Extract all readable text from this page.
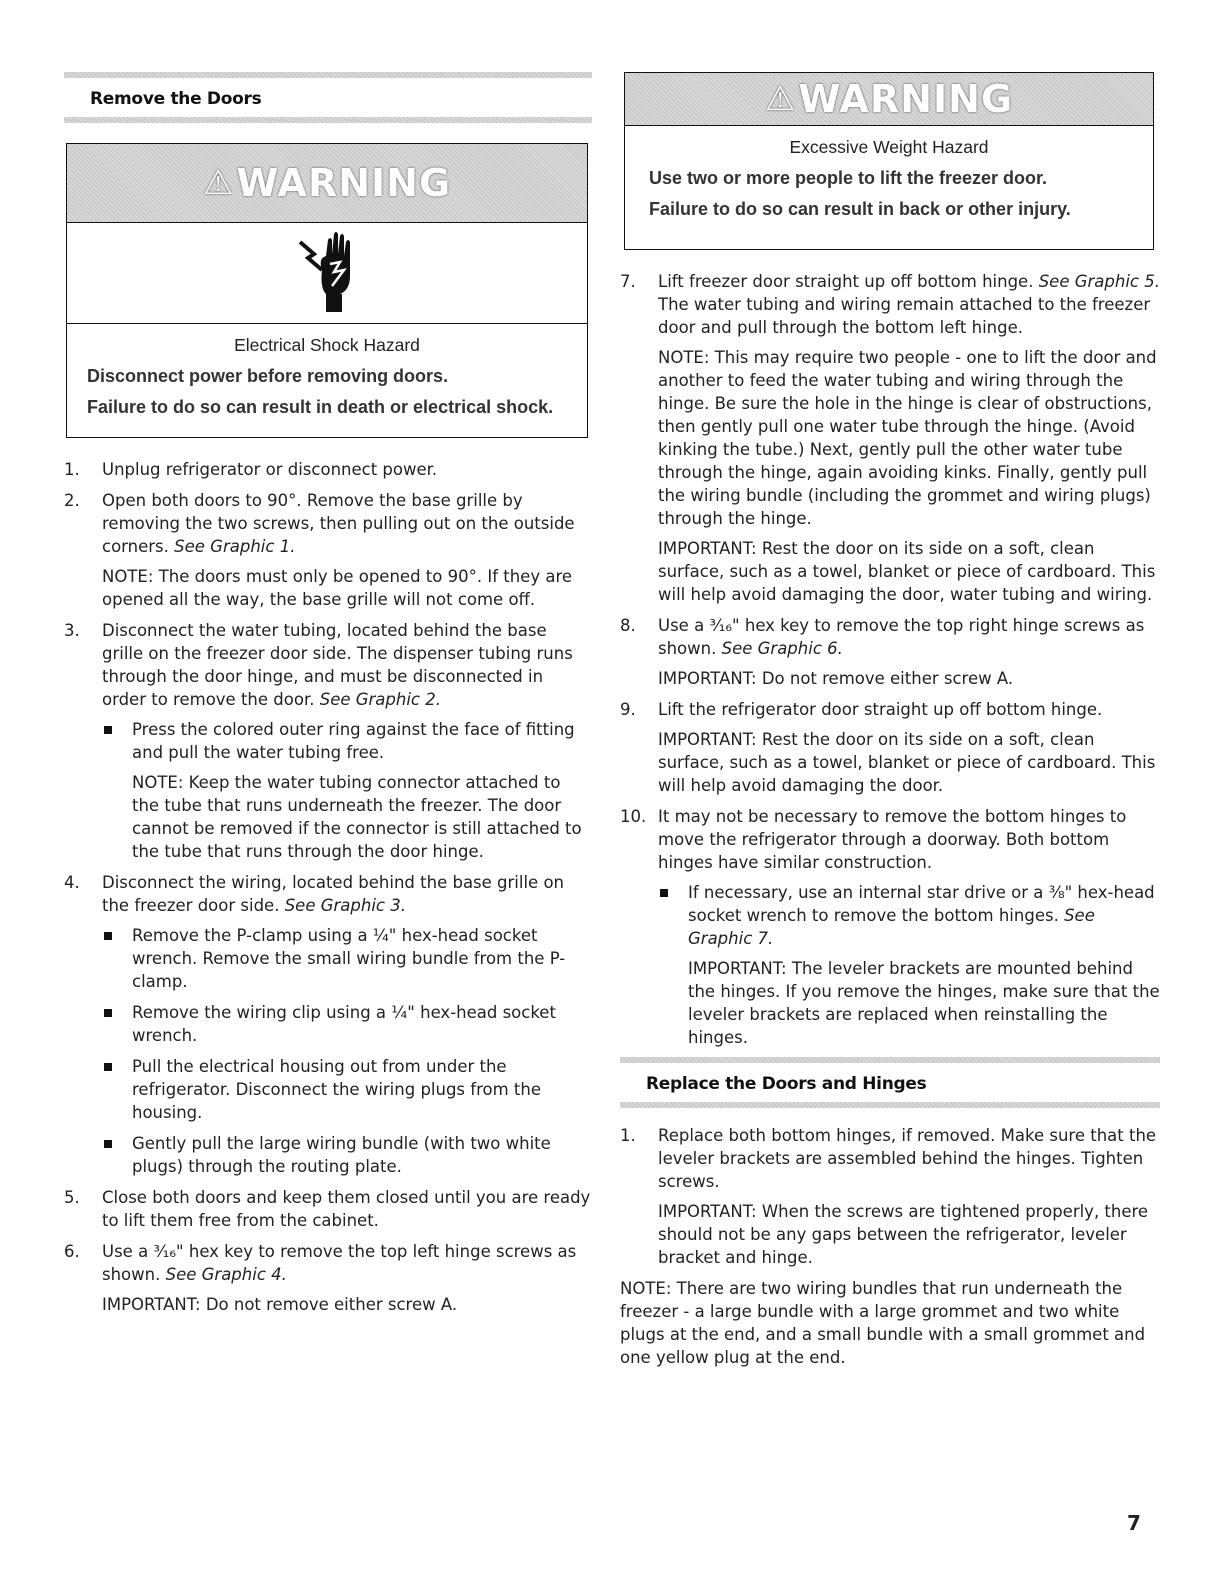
Remove the Doors
⚠ WARNING
Electrical Shock Hazard
Disconnect power before removing doors.
Failure to do so can result in death or electrical shock.
1. Unplug refrigerator or disconnect power.

2. Open both doors to 90°. Remove the base grille by removing the two screws, then pulling out on the outside corners. See Graphic 1.

NOTE: The doors must only be opened to 90°. If they are opened all the way, the base grille will not come off.

3. Disconnect the water tubing, located behind the base grille on the freezer door side. The dispenser tubing runs through the door hinge, and must be disconnected in order to remove the door. See Graphic 2.

Press the colored outer ring against the face of fitting and pull the water tubing free.

NOTE: Keep the water tubing connector attached to the tube that runs underneath the freezer. The door cannot be removed if the connector is still attached to the tube that runs through the door hinge.

4. Disconnect the wiring, located behind the base grille on the freezer door side. See Graphic 3.

Remove the P-clamp using a ¼" hex-head socket wrench. Remove the small wiring bundle from the P-clamp.
Remove the wiring clip using a ¼" hex-head socket wrench.
Pull the electrical housing out from under the refrigerator. Disconnect the wiring plugs from the housing.
Gently pull the large wiring bundle (with two white plugs) through the routing plate.
5. Close both doors and keep them closed until you are ready to lift them free from the cabinet.

6. Use a ³⁄₁₆" hex key to remove the top left hinge screws as shown. See Graphic 4.

IMPORTANT: Do not remove either screw A.

⚠ WARNING
Excessive Weight Hazard
Use two or more people to lift the freezer door.
Failure to do so can result in back or other injury.
7. Lift freezer door straight up off bottom hinge. See Graphic 5. The water tubing and wiring remain attached to the freezer door and pull through the bottom left hinge.

NOTE: This may require two people - one to lift the door and another to feed the water tubing and wiring through the hinge. Be sure the hole in the hinge is clear of obstructions, then gently pull one water tube through the hinge. (Avoid kinking the tube.) Next, gently pull the other water tube through the hinge, again avoiding kinks. Finally, gently pull the wiring bundle (including the grommet and wiring plugs) through the hinge.

IMPORTANT: Rest the door on its side on a soft, clean surface, such as a towel, blanket or piece of cardboard. This will help avoid damaging the door, water tubing and wiring.

8. Use a ³⁄₁₆" hex key to remove the top right hinge screws as shown. See Graphic 6.

IMPORTANT: Do not remove either screw A.

9. Lift the refrigerator door straight up off bottom hinge.

IMPORTANT: Rest the door on its side on a soft, clean surface, such as a towel, blanket or piece of cardboard. This will help avoid damaging the door.

10. It may not be necessary to remove the bottom hinges to move the refrigerator through a doorway. Both bottom hinges have similar construction.

If necessary, use an internal star drive or a ⅜" hex-head socket wrench to remove the bottom hinges. See Graphic 7.

IMPORTANT: The leveler brackets are mounted behind the hinges. If you remove the hinges, make sure that the leveler brackets are replaced when reinstalling the hinges.

Replace the Doors and Hinges
1. Replace both bottom hinges, if removed. Make sure that the leveler brackets are assembled behind the hinges. Tighten screws.

IMPORTANT: When the screws are tightened properly, there should not be any gaps between the refrigerator, leveler bracket and hinge.

NOTE: There are two wiring bundles that run underneath the freezer - a large bundle with a large grommet and two white plugs at the end, and a small bundle with a small grommet and one yellow plug at the end.

7
